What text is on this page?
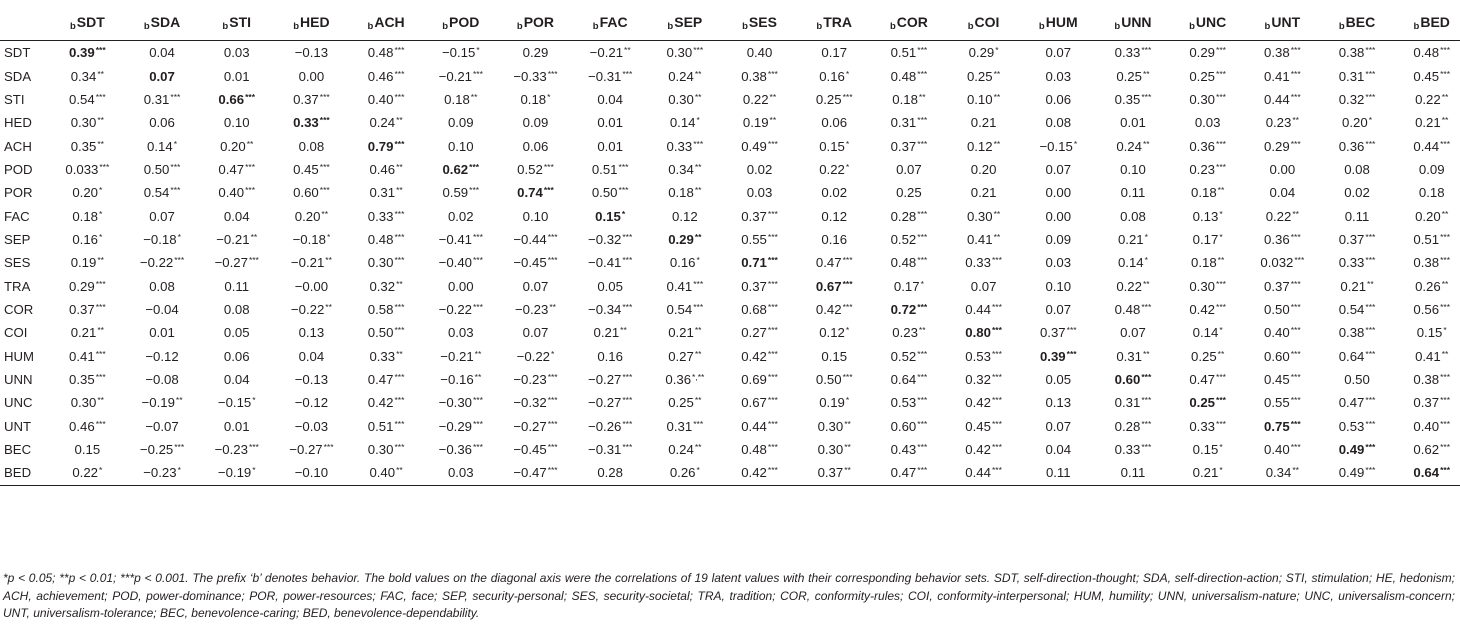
	$_b$SDT	$_b$SDA	$_b$STI	$_b$HED	$_b$ACH	$_b$POD	$_b$POR	$_b$FAC	$_b$SEP	$_b$SES	$_b$TRA	$_b$COR	$_b$COI	$_b$HUM	$_b$UNN	$_b$UNC	$_b$UNT	$_b$BEC	$_b$BED
SDT	0.39***	0.04	0.03	−0.13	0.48***	−0.15*	0.29	−0.21**	0.30***	0.40	0.17	0.51***	0.29*	0.07	0.33***	0.29***	0.38***	0.38***	0.48***
SDA	0.34**	0.07	0.01	0.00	0.46***	−0.21***	−0.33***	−0.31***	0.24**	0.38***	0.16*	0.48***	0.25**	0.03	0.25**	0.25***	0.41***	0.31***	0.45***
STI	0.54***	0.31***	0.66***	0.37***	0.40***	0.18**	0.18*	0.04	0.30**	0.22**	0.25***	0.18**	0.10**	0.06	0.35***	0.30***	0.44***	0.32***	0.22**
HED	0.30**	0.06	0.10	0.33***	0.24**	0.09	0.09	0.01	0.14*	0.19**	0.06	0.31***	0.21	0.08	0.01	0.03	0.23**	0.20*	0.21**
ACH	0.35**	0.14*	0.20**	0.08	0.79***	0.10	0.06	0.01	0.33***	0.49***	0.15*	0.37***	0.12**	−0.15*	0.24**	0.36***	0.29***	0.36***	0.44***
POD	0.033***	0.50***	0.47***	0.45***	0.46**	0.62***	0.52***	0.51***	0.34**	0.02	0.22*	0.07	0.20	0.07	0.10	0.23***	0.00	0.08	0.09
POR	0.20*	0.54***	0.40***	0.60***	0.31**	0.59***	0.74***	0.50***	0.18**	0.03	0.02	0.25	0.21	0.00	0.11	0.18**	0.04	0.02	0.18
FAC	0.18*	0.07	0.04	0.20**	0.33***	0.02	0.10	0.15*	0.12	0.37***	0.12	0.28***	0.30**	0.00	0.08	0.13*	0.22**	0.11	0.20**
SEP	0.16*	−0.18*	−0.21**	−0.18*	0.48***	−0.41***	−0.44***	−0.32***	0.29**	0.55***	0.16	0.52***	0.41**	0.09	0.21*	0.17*	0.36***	0.37***	0.51***
SES	0.19**	−0.22***	−0.27***	−0.21**	0.30***	−0.40***	−0.45***	−0.41***	0.16*	0.71***	0.47***	0.48***	0.33***	0.03	0.14*	0.18**	0.032***	0.33***	0.38***
TRA	0.29***	0.08	0.11	−0.00	0.32**	0.00	0.07	0.05	0.41***	0.37***	0.67***	0.17*	0.07	0.10	0.22**	0.30***	0.37***	0.21**	0.26**
COR	0.37***	−0.04	0.08	−0.22**	0.58***	−0.22***	−0.23**	−0.34***	0.54***	0.68***	0.42***	0.72***	0.44***	0.07	0.48***	0.42***	0.50***	0.54***	0.56***
COI	0.21**	0.01	0.05	0.13	0.50***	0.03	0.07	0.21**	0.21**	0.27***	0.12*	0.23**	0.80***	0.37***	0.07	0.14*	0.40***	0.38***	0.15*
HUM	0.41***	−0.12	0.06	0.04	0.33**	−0.21**	−0.22*	0.16	0.27**	0.42***	0.15	0.52***	0.53***	0.39***	0.31**	0.25**	0.60***	0.64***	0.41**
UNN	0.35***	−0.08	0.04	−0.13	0.47***	−0.16**	−0.23***	−0.27***	0.36*,**	0.69***	0.50***	0.64***	0.32***	0.05	0.60***	0.47***	0.45***	0.50	0.38***
UNC	0.30**	−0.19**	−0.15*	−0.12	0.42***	−0.30***	−0.32***	−0.27***	0.25**	0.67***	0.19*	0.53***	0.42***	0.13	0.31***	0.25***	0.55***	0.47***	0.37***
UNT	0.46***	−0.07	0.01	−0.03	0.51***	−0.29***	−0.27***	−0.26***	0.31***	0.44***	0.30**	0.60***	0.45***	0.07	0.28***	0.33***	0.75***	0.53***	0.40***
BEC	0.15	−0.25***	−0.23***	−0.27***	0.30***	−0.36***	−0.45***	−0.31***	0.24**	0.48***	0.30**	0.43***	0.42***	0.04	0.33***	0.15*	0.40***	0.49***	0.62***
BED	0.22*	−0.23*	−0.19*	−0.10	0.40**	0.03	−0.47***	0.28	0.26*	0.42***	0.37**	0.47***	0.44***	0.11	0.11	0.21*	0.34**	0.49***	0.64***
*p < 0.05; **p < 0.01; ***p < 0.001. The prefix ‘b’ denotes behavior. The bold values on the diagonal axis were the correlations of 19 latent values with their corresponding behavior sets. SDT, self-direction-thought; SDA, self-direction-action; STI, stimulation; HE, hedonism; ACH, achievement; POD, power-dominance; POR, power-resources; FAC, face; SEP, security-personal; SES, security-societal; TRA, tradition; COR, conformity-rules; COI, conformity-interpersonal; HUM, humility; UNN, universalism-nature; UNC, universalism-concern; UNT, universalism-tolerance; BEC, benevolence-caring; BED, benevolence-dependability.
